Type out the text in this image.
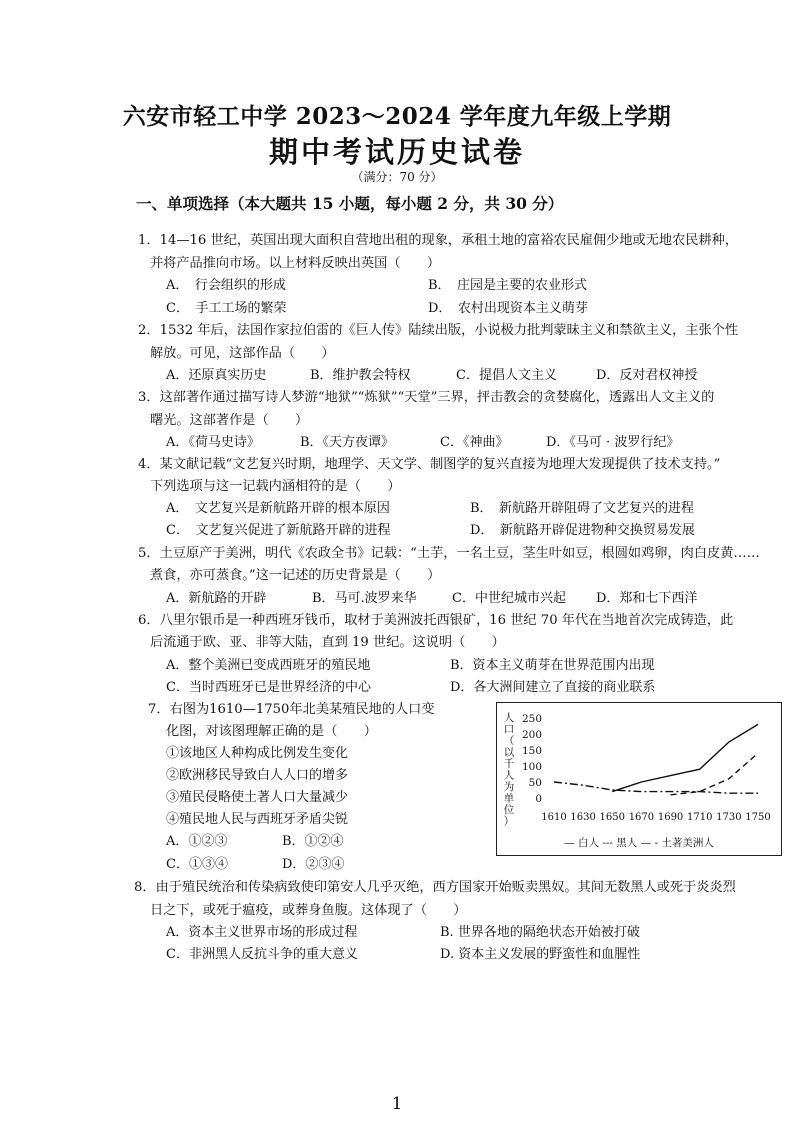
六安市轻工中学 2023～2024 学年度九年级上学期
期中考试历史试卷
（满分：70 分）
一、单项选择（本大题共 15 小题，每小题 2 分，共 30 分）
1．14—16 世纪，英国出现大面积自营地出租的现象，承租土地的富裕农民雇佣少地或无地农民耕种，
并将产品推向市场。以上材料反映出英国（　　）
A．　行会组织的形成	B．　庄园是主要的农业形式
C．　手工工场的繁荣	D．　农村出现资本主义萌芽
2．1532 年后，法国作家拉伯雷的《巨人传》陆续出版，小说极力批判蒙昧主义和禁欲主义，主张个性
解放。可见，这部作品（　　）
A．还原真实历史	B．维护教会特权	C．提倡人文主义	D．反对君权神授
3．这部著作通过描写诗人梦游“地狱”“炼狱”“天堂”三界，抨击教会的贪婪腐化，透露出人文主义的
曙光。这部著作是（　　）
A．《荷马史诗》	B．《天方夜谭》	C．《神曲》	D．《马可 · 波罗行纪》
4．某文献记载“文艺复兴时期，地理学、天文学、制图学的复兴直接为地理大发现提供了技术支持。”
下列选项与这一记载内涵相符的是（　　）
A．　文艺复兴是新航路开辟的根本原因	B．　新航路开辟阻碍了文艺复兴的进程
C．　文艺复兴促进了新航路开辟的进程	D．　新航路开辟促进物种交换贸易发展
5．土豆原产于美洲，明代《农政全书》记载：“土芋，一名土豆，茎生叶如豆，根圆如鸡卵，肉白皮黄……
煮食，亦可蒸食。”这一记述的历史背景是（　　）
A．新航路的开辟	B．马可.波罗来华	C．中世纪城市兴起 D．郑和七下西洋
6．八里尔银币是一种西班牙钱币，取材于美洲波托西银矿，16 世纪 70 年代在当地首次完成铸造，此
后流通于欧、亚、非等大陆，直到 19 世纪。这说明（　　）
A．整个美洲已变成西班牙的殖民地	B．资本主义萌芽在世界范围内出现
C．当时西班牙已是世界经济的中心	D．各大洲间建立了直接的商业联系
7．右图为1610—1750年北美某殖民地的人口变
化图，对该图理解正确的是（　　）
①该地区人种构成比例发生变化
②欧洲移民导致白人人口的增多
③殖民侵略使土著人口大量减少
④殖民地人民与西班牙矛盾尖锐
A．①②③	B．①②④
C．①③④	D．②③④
人
口
（
以
千
人
为
单
位
）
0
50
100
150
200
250
1610 1630 1650 1670 1690 1710 1730 1750
— 白人 --- 黑人 — - 土著美洲人
8．由于殖民统治和传染病致使印第安人几乎灭绝，西方国家开始贩卖黑奴。其间无数黑人或死于炎炎烈
日之下，或死于瘟疫，或葬身鱼腹。这体现了（　　）
A．资本主义世界市场的形成过程	B. 世界各地的隔绝状态开始被打破
C．非洲黑人反抗斗争的重大意义	D. 资本主义发展的野蛮性和血腥性
1
